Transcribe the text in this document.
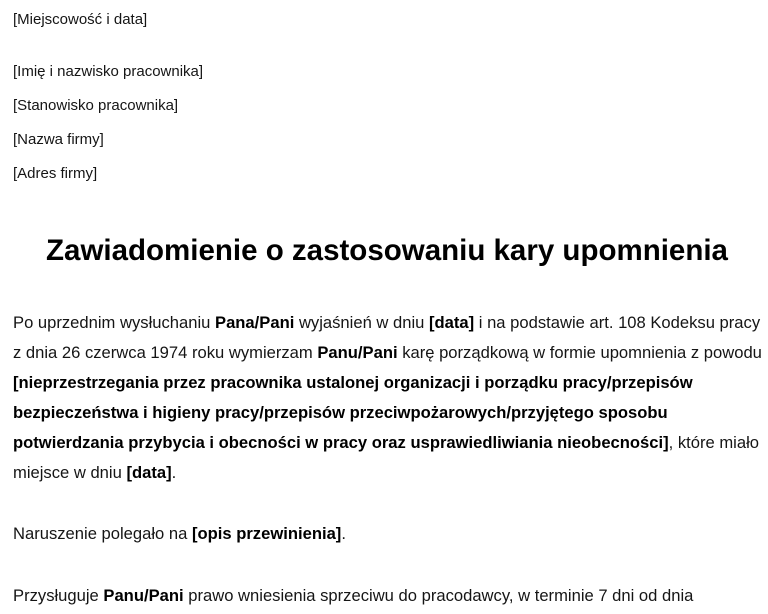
[Miejscowość i data]
[Imię i nazwisko pracownika]
[Stanowisko pracownika]
[Nazwa firmy]
[Adres firmy]
Zawiadomienie o zastosowaniu kary upomnienia

Po uprzednim wysłuchaniu Pana/Pani wyjaśnień w dniu [data] i na podstawie art. 108 Kodeksu pracy z dnia 26 czerwca 1974 roku wymierzam Panu/Pani karę porządkową w formie upomnienia z powodu [nieprzestrzegania przez pracownika ustalonej organizacji i porządku pracy/przepisów bezpieczeństwa i higieny pracy/przepisów przeciwpożarowych/przyjętego sposobu potwierdzania przybycia i obecności w pracy oraz usprawiedliwiania nieobecności], które miało miejsce w dniu [data].

Naruszenie polegało na [opis przewinienia].

Przysługuje Panu/Pani prawo wniesienia sprzeciwu do pracodawcy, w terminie 7 dni od dnia
